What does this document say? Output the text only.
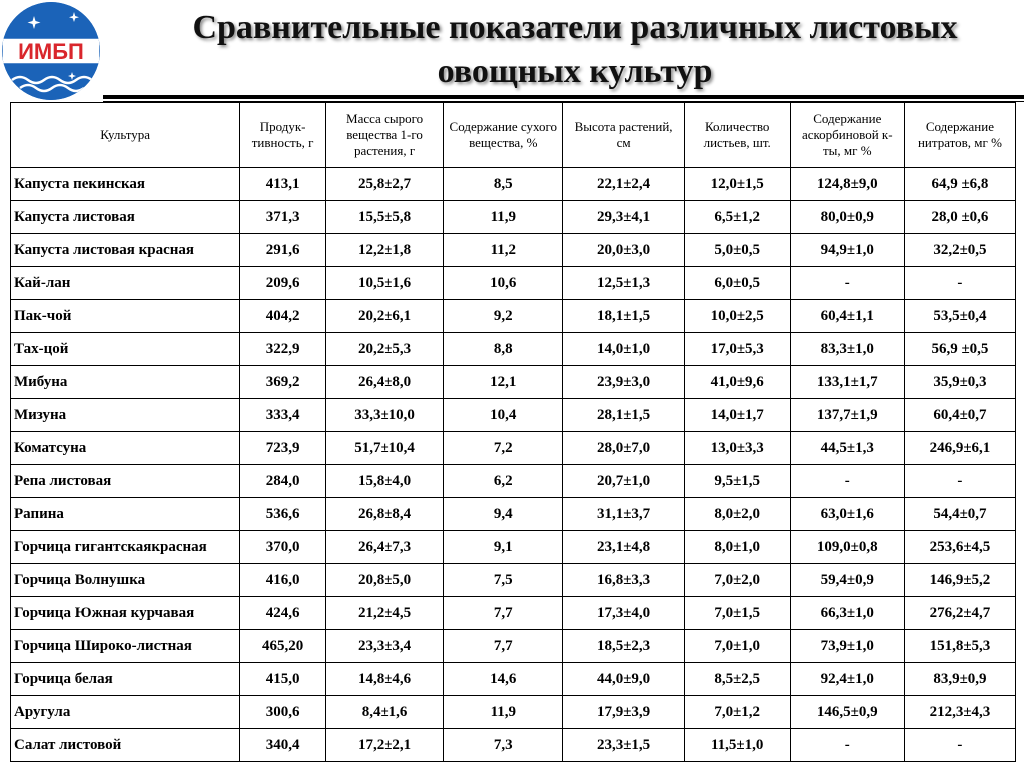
ИМБП
Сравнительные показатели различных листовых
овощных культур
Культура	Продук-тивность, г	Масса сырого вещества 1-го растения, г	Содержание сухого вещества, %	Высота растений, см	Количество листьев, шт.	Содержание аскорбиновой к-ты, мг %	Содержание нитратов, мг %
Капуста пекинская	413,1	25,8±2,7	8,5	22,1±2,4	12,0±1,5	124,8±9,0	64,9 ±6,8
Капуста листовая	371,3	15,5±5,8	11,9	29,3±4,1	6,5±1,2	80,0±0,9	28,0 ±0,6
Капуста листовая красная	291,6	12,2±1,8	11,2	20,0±3,0	5,0±0,5	94,9±1,0	32,2±0,5
Кай-лан	209,6	10,5±1,6	10,6	12,5±1,3	6,0±0,5	-	-
Пак-чой	404,2	20,2±6,1	9,2	18,1±1,5	10,0±2,5	60,4±1,1	53,5±0,4
Тах-цой	322,9	20,2±5,3	8,8	14,0±1,0	17,0±5,3	83,3±1,0	56,9 ±0,5
Мибуна	369,2	26,4±8,0	12,1	23,9±3,0	41,0±9,6	133,1±1,7	35,9±0,3
Мизуна	333,4	33,3±10,0	10,4	28,1±1,5	14,0±1,7	137,7±1,9	60,4±0,7
Коматсуна	723,9	51,7±10,4	7,2	28,0±7,0	13,0±3,3	44,5±1,3	246,9±6,1
Репа листовая	284,0	15,8±4,0	6,2	20,7±1,0	9,5±1,5	-	-
Рапина	536,6	26,8±8,4	9,4	31,1±3,7	8,0±2,0	63,0±1,6	54,4±0,7
Горчица гигантскаякрасная	370,0	26,4±7,3	9,1	23,1±4,8	8,0±1,0	109,0±0,8	253,6±4,5
Горчица Волнушка	416,0	20,8±5,0	7,5	16,8±3,3	7,0±2,0	59,4±0,9	146,9±5,2
Горчица Южная курчавая	424,6	21,2±4,5	7,7	17,3±4,0	7,0±1,5	66,3±1,0	276,2±4,7
Горчица Широко-листная	465,20	23,3±3,4	7,7	18,5±2,3	7,0±1,0	73,9±1,0	151,8±5,3
Горчица белая	415,0	14,8±4,6	14,6	44,0±9,0	8,5±2,5	92,4±1,0	83,9±0,9
Аругула	300,6	8,4±1,6	11,9	17,9±3,9	7,0±1,2	146,5±0,9	212,3±4,3
Салат листовой	340,4	17,2±2,1	7,3	23,3±1,5	11,5±1,0	-	-
